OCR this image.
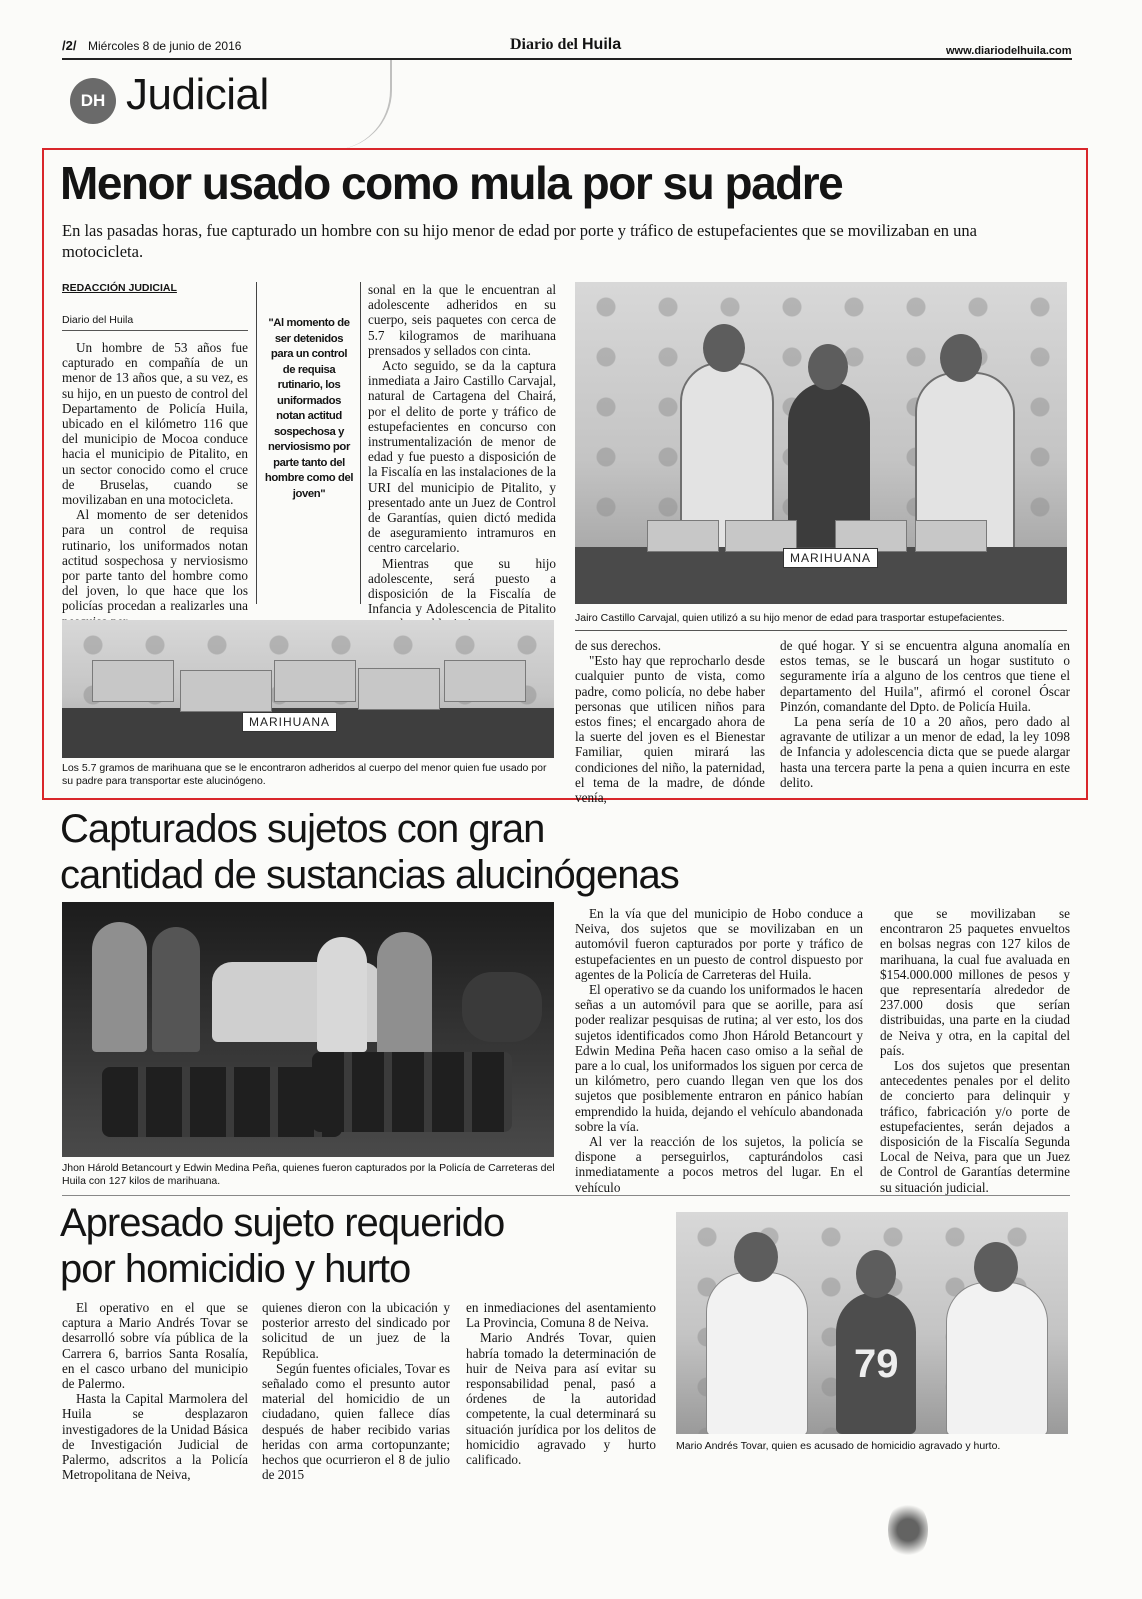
/2/ Miércoles 8 de junio de 2016	Diario del Huila	www.diariodelhuila.com
DH Judicial
Menor usado como mula por su padre
En las pasadas horas, fue capturado un hombre con su hijo menor de edad por porte y tráfico de estupefacientes que se movilizaban en una motocicleta.
REDACCIÓN JUDICIAL
Diario del Huila

Un hombre de 53 años fue capturado en compañía de un menor de 13 años que, a su vez, es su hijo, en un puesto de control del Departamento de Policía Huila, ubicado en el kilómetro 116 que del municipio de Mocoa conduce hacia el municipio de Pitalito, en un sector conocido como el cruce de Bruselas, cuando se movilizaban en una motocicleta.

Al momento de ser detenidos para un control de requisa rutinario, los uniformados notan actitud sospechosa y nerviosismo por parte tanto del hombre como del joven, lo que hace que los policías procedan a realizarles una

"Al momento de ser detenidos para un control de requisa rutinario, los uniformados notan actitud sospechosa y nerviosismo por parte tanto del hombre como del joven"

sonal en la que le encuentran al adolescente adheridos en su cuerpo, seis paquetes con cerca de 5.7 kilogramos de marihuana prensados y sellados con cinta.

Acto seguido, se da la captura inmediata a Jairo Castillo Carvajal, natural de Cartagena del Chairá, por el delito de porte y tráfico de estupefacientes en concurso con instrumentalización de menor de edad y fue puesto a disposición de la Fiscalía en las instalaciones de la URI del municipio de Pitalito, y presentado ante un Juez de Control de Garantías, quien dictó medida de aseguramiento intramuros en centro carcelario.

Mientras que su hijo adolescente, será puesto a disposición de la Fiscalía de Infancia y Adolescencia de Pitalito

MARIHUANA
Jairo Castillo Carvajal, quien utilizó a su hijo menor de edad para trasportar estupefacientes.
MARIHUANA
Los 5.7 gramos de marihuana que se le encontraron adheridos al cuerpo del menor quien fue usado por su padre para transportar este alucinógeno.

de sus derechos.

"Esto hay que reprocharlo desde cualquier punto de vista, como padre, como policía, no debe haber personas que utilicen niños para estos fines; el encargado ahora de la suerte del joven es el Bienestar Familiar, quien mirará las condiciones del niño, la paternidad, el tema de la madre, de dónde venía,

de qué hogar. Y si se encuentra alguna anomalía en estos temas, se le buscará un hogar sustituto o seguramente iría a alguno de los centros que tiene el departamento del Huila", afirmó el coronel Óscar Pinzón, comandante del Dpto. de Policía Huila.

La pena sería de 10 a 20 años, pero dado al agravante de utilizar a un menor de edad, la ley 1098 de Infancia y adolescencia dicta que se puede alargar hasta una tercera parte la pena a quien incurra en este delito.

Capturados sujetos con gran
cantidad de sustancias alucinógenas
Jhon Hárold Betancourt y Edwin Medina Peña, quienes fueron capturados por la Policía de Carreteras del Huila con 127 kilos de marihuana.

En la vía que del municipio de Hobo conduce a Neiva, dos sujetos que se movilizaban en un automóvil fueron capturados por porte y tráfico de estupefacientes en un puesto de control dispuesto por agentes de la Policía de Carreteras del Huila.

El operativo se da cuando los uniformados le hacen señas a un automóvil para que se aorille, para así poder realizar pesquisas de rutina; al ver esto, los dos sujetos identificados como Jhon Hárold Betancourt y Edwin Medina Peña hacen caso omiso a la señal de pare a lo cual, los uniformados los siguen por cerca de un kilómetro, pero cuando llegan ven que los dos sujetos que posiblemente entraron en pánico habían emprendido la huida, dejando el vehículo abandonada sobre la vía.

Al ver la reacción de los sujetos, la policía se dispone a perseguirlos, capturándolos casi inmediatamente a pocos metros del lugar. En el vehículo

que se movilizaban se encontraron 25 paquetes envueltos en bolsas negras con 127 kilos de marihuana, la cual fue avaluada en $154.000.000 millones de pesos y que representaría alrededor de 237.000 dosis que serían distribuidas, una parte en la ciudad de Neiva y otra, en la capital del país.

Los dos sujetos que presentan antecedentes penales por el delito de concierto para delinquir y tráfico, fabricación y/o porte de estupefacientes, serán dejados a disposición de la Fiscalía Segunda Local de Neiva, para que un Juez de Control de Garantías determine su situación judicial.

Apresado sujeto requerido
por homicidio y hurto

El operativo en el que se captura a Mario Andrés Tovar se desarrolló sobre vía pública de la Carrera 6, barrios Santa Rosalía, en el casco urbano del municipio de Palermo.

Hasta la Capital Marmolera del Huila se desplazaron investigadores de la Unidad Básica de Investigación Judicial de Palermo, adscritos a la Policía Metropolitana de Neiva,

quienes dieron con la ubicación y posterior arresto del sindicado por solicitud de un juez de la República.

Según fuentes oficiales, Tovar es señalado como el presunto autor material del homicidio de un ciudadano, quien fallece días después de haber recibido varias heridas con arma cortopunzante; hechos que ocurrieron el 8 de julio de 2015

en inmediaciones del asentamiento La Provincia, Comuna 8 de Neiva.

Mario Andrés Tovar, quien habría tomado la determinación de huir de Neiva para así evitar su responsabilidad penal, pasó a órdenes de la autoridad competente, la cual determinará su situación jurídica por los delitos de homicidio agravado y hurto calificado.

79
Mario Andrés Tovar, quien es acusado de homicidio agravado y hurto.
